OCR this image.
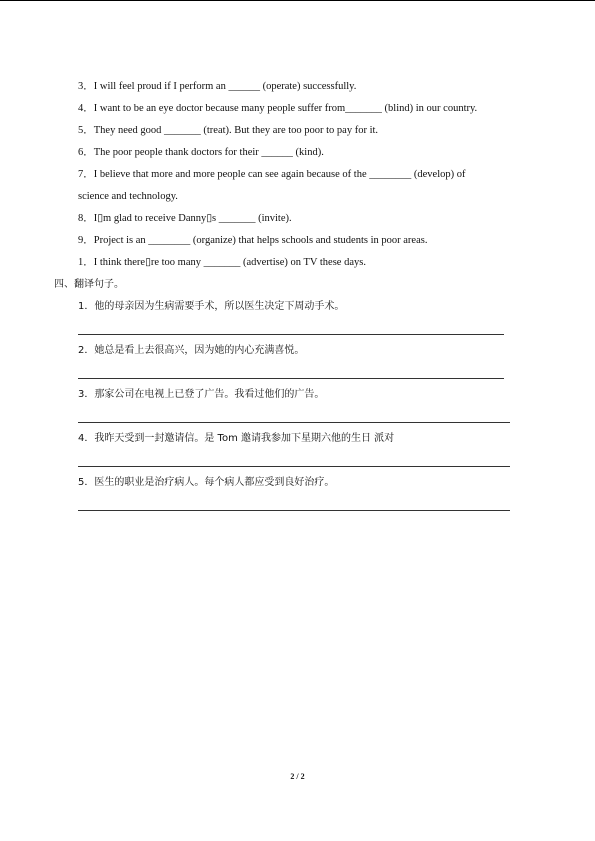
3．I will feel proud if I perform an ______ (operate) successfully.
4．I want to be an eye doctor because many people suffer from_______ (blind) in our country.
5．They need good _______ (treat). But they are too poor to pay for it.
6．The poor people thank doctors for their ______ (kind).
7．I believe that more and more people can see again because of the ________ (develop) of
science and technology.
8．I▯m glad to receive Danny▯s _______ (invite).
9．Project is an ________ (organize) that helps schools and students in poor areas.
1．I think there▯re too many _______ (advertise) on TV these days.
四、翻译句子。
1．他的母亲因为生病需要手术，所以医生决定下周动手术。
2．她总是看上去很高兴，因为她的内心充满喜悦。
3．那家公司在电视上已登了广告。我看过他们的广告。
4．我昨天受到一封邀请信。是 Tom 邀请我参加下星期六他的生日 派对
5．医生的职业是治疗病人。每个病人都应受到良好治疗。
2 / 2
